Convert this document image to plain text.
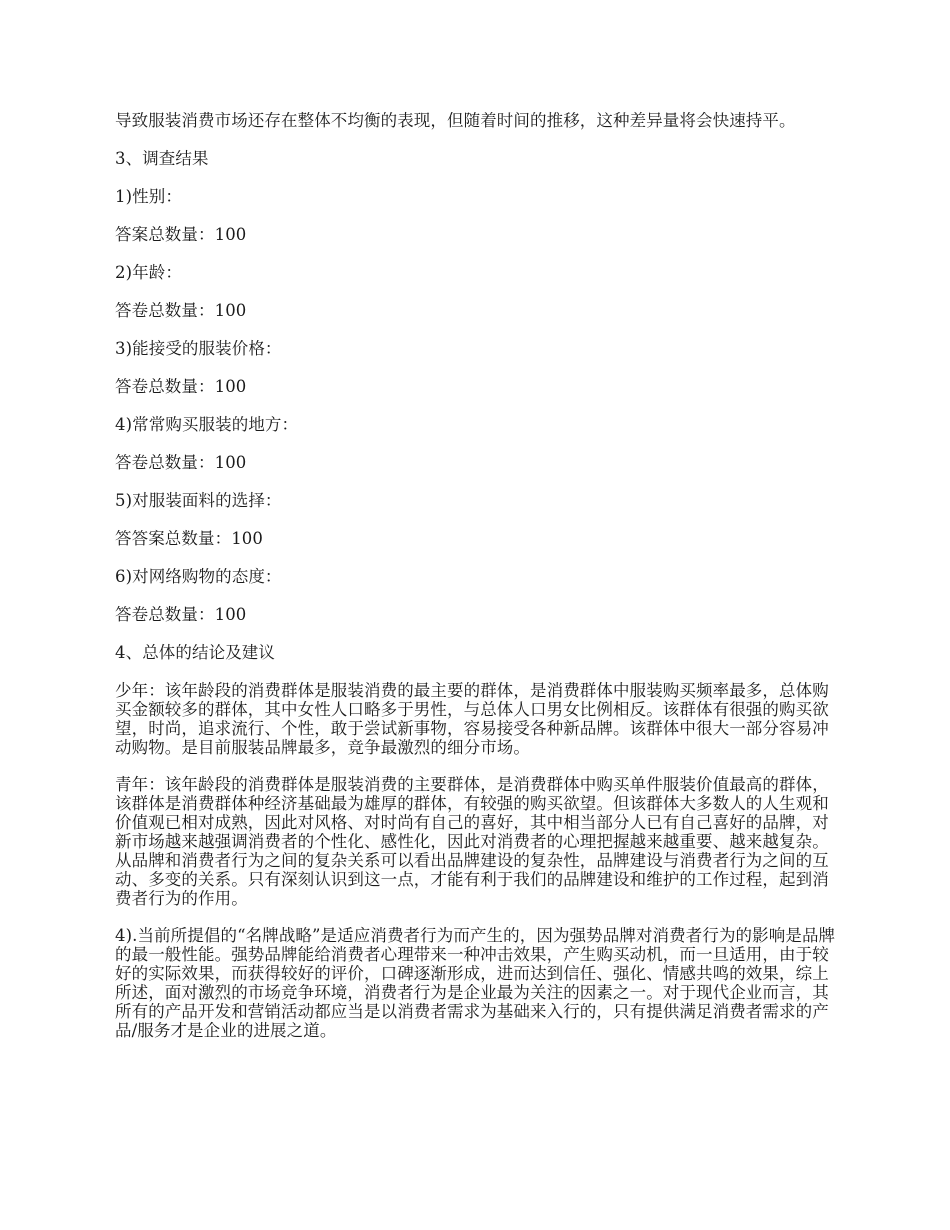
导致服装消费市场还存在整体不均衡的表现，但随着时间的推移，这种差异量将会快速持平。

3、调查结果

1)性别：

答案总数量：100

2)年龄：

答卷总数量：100

3)能接受的服装价格：

答卷总数量：100

4)常常购买服装的地方：

答卷总数量：100

5)对服装面料的选择：

答答案总数量：100

6)对网络购物的态度：

答卷总数量：100

4、总体的结论及建议

少年：该年龄段的消费群体是服装消费的最主要的群体，是消费群体中服装购买频率最多，总体购买金额较多的群体，其中女性人口略多于男性，与总体人口男女比例相反。该群体有很强的购买欲望，时尚，追求流行、个性，敢于尝试新事物，容易接受各种新品牌。该群体中很大一部分容易冲动购物。是目前服装品牌最多，竞争最激烈的细分市场。

青年：该年龄段的消费群体是服装消费的主要群体，是消费群体中购买单件服装价值最高的群体，该群体是消费群体种经济基础最为雄厚的群体，有较强的购买欲望。但该群体大多数人的人生观和价值观已相对成熟，因此对风格、对时尚有自己的喜好，其中相当部分人已有自己喜好的品牌，对新市场越来越强调消费者的个性化、感性化，因此对消费者的心理把握越来越重要、越来越复杂。从品牌和消费者行为之间的复杂关系可以看出品牌建设的复杂性，品牌建设与消费者行为之间的互动、多变的关系。只有深刻认识到这一点，才能有利于我们的品牌建设和维护的工作过程，起到消费者行为的作用。

4).当前所提倡的“名牌战略”是适应消费者行为而产生的，因为强势品牌对消费者行为的影响是品牌的最一般性能。强势品牌能给消费者心理带来一种冲击效果，产生购买动机，而一旦适用，由于较好的实际效果，而获得较好的评价，口碑逐渐形成，进而达到信任、强化、情感共鸣的效果，综上所述，面对激烈的市场竞争环境，消费者行为是企业最为关注的因素之一。对于现代企业而言，其所有的产品开发和营销活动都应当是以消费者需求为基础来入行的，只有提供满足消费者需求的产品/服务才是企业的进展之道。
